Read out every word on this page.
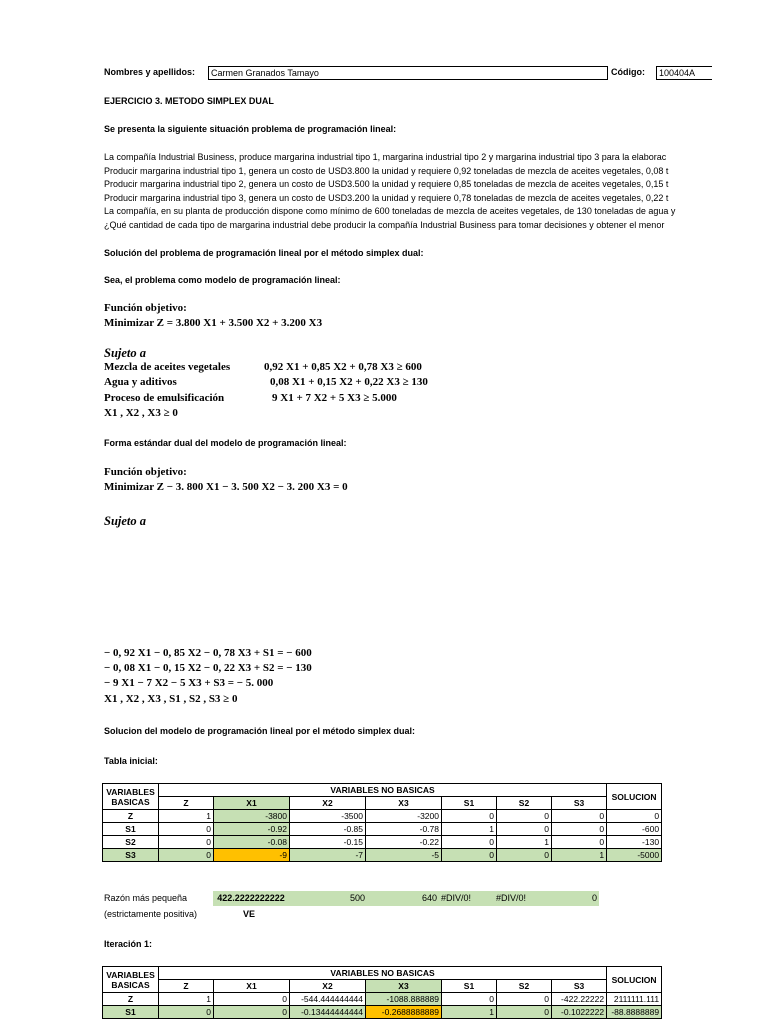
Nombres y apellidos:	Carmen Granados Tamayo	Código:	100404A
EJERCICIO 3. METODO SIMPLEX DUAL
Se presenta la siguiente situación problema de programación lineal:
La compañía Industrial Business, produce margarina industrial tipo 1, margarina industrial tipo 2 y margarina industrial tipo 3 para la elaborac
Producir margarina industrial tipo 1, genera un costo de USD3.800 la unidad y requiere 0,92 toneladas de mezcla de aceites vegetales, 0,08 t
Producir margarina industrial tipo 2, genera un costo de USD3.500 la unidad y requiere 0,85 toneladas de mezcla de aceites vegetales, 0,15 t
Producir margarina industrial tipo 3, genera un costo de USD3.200 la unidad y requiere 0,78 toneladas de mezcla de aceites vegetales, 0,22 t
La compañía, en su planta de producción dispone como mínimo de 600 toneladas de mezcla de aceites vegetales, de 130 toneladas de agua y
¿Qué cantidad de cada tipo de margarina industrial debe producir la compañía Industrial Business para tomar decisiones y obtener el menor
Solución del problema de programación lineal por el método simplex dual:
Sea, el problema como modelo de programación lineal:
Función objetivo:
Minimizar Z = 3.800 X1 + 3.500 X2 + 3.200 X3
Sujeto a
Mezcla de aceites vegetales	0,92 X1 + 0,85 X2 + 0,78 X3 ≥ 600
Agua y aditivos	0,08 X1 + 0,15 X2 + 0,22 X3 ≥ 130
Proceso de emulsificación	9 X1 + 7 X2 + 5 X3 ≥ 5.000
X1 , X2 , X3 ≥ 0
Forma estándar dual del modelo de programación lineal:
Función objetivo:
Minimizar Z − 3. 800 X1 − 3. 500 X2 − 3. 200 X3 = 0
Sujeto a
− 0, 92 X1 − 0, 85 X2 − 0, 78 X3 + S1 = − 600
− 0, 08 X1 − 0, 15 X2 − 0, 22 X3 + S2 = − 130
− 9 X1 − 7 X2 − 5 X3 + S3 = − 5. 000
X1 , X2 , X3 , S1 , S2 , S3 ≥ 0
Solucion del modelo de programación lineal por el método simplex dual:
Tabla inicial:
VARIABLES BASICAS	VARIABLES NO BASICAS							SOLUCION
	Z	X1	X2	X3	S1	S2	S3	
Z	1	-3800	-3500	-3200	0	0	0	0
S1	0	-0.92	-0.85	-0.78	1	0	0	-600
S2	0	-0.08	-0.15	-0.22	0	1	0	-130
S3	0	-9	-7	-5	0	0	1	-5000
Razón más pequeña
(estrictamente positiva)
422.2222222222	500	640 #DIV/0!	#DIV/0!	0
VE
Iteración 1:
VARIABLES BASICAS	VARIABLES NO BASICAS							SOLUCION
	Z	X1	X2	X3	S1	S2	S3	
Z	1	0	-544.444444444	-1088.888889	0	0	-422.22222	2111111.111
S1	0	0	-0.13444444444	-0.2688888889	1	0	-0.1022222	-88.8888889
